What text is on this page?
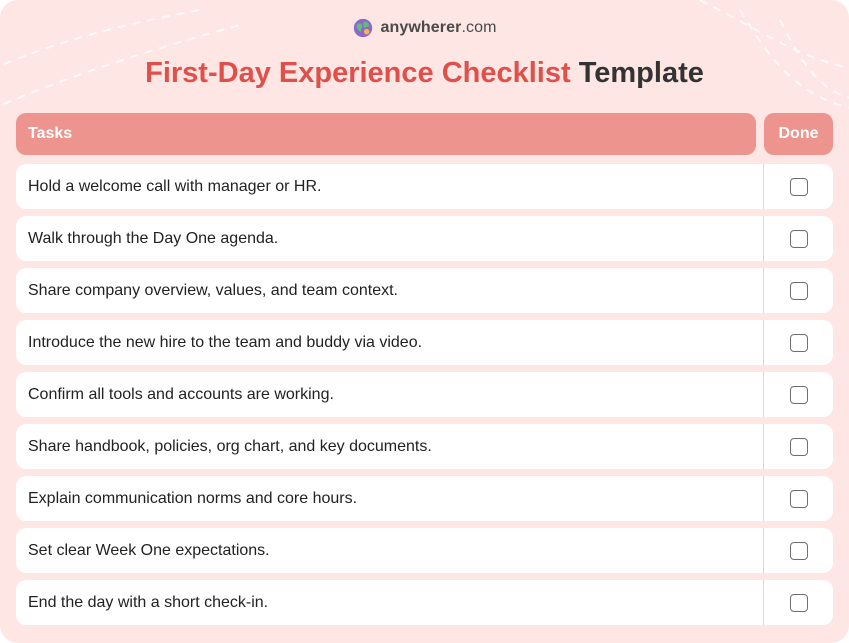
anywherer.com
First-Day Experience Checklist Template
Tasks	Done
Hold a welcome call with manager or HR.
Walk through the Day One agenda.
Share company overview, values, and team context.
Introduce the new hire to the team and buddy via video.
Confirm all tools and accounts are working.
Share handbook, policies, org chart, and key documents.
Explain communication norms and core hours.
Set clear Week One expectations.
End the day with a short check-in.
